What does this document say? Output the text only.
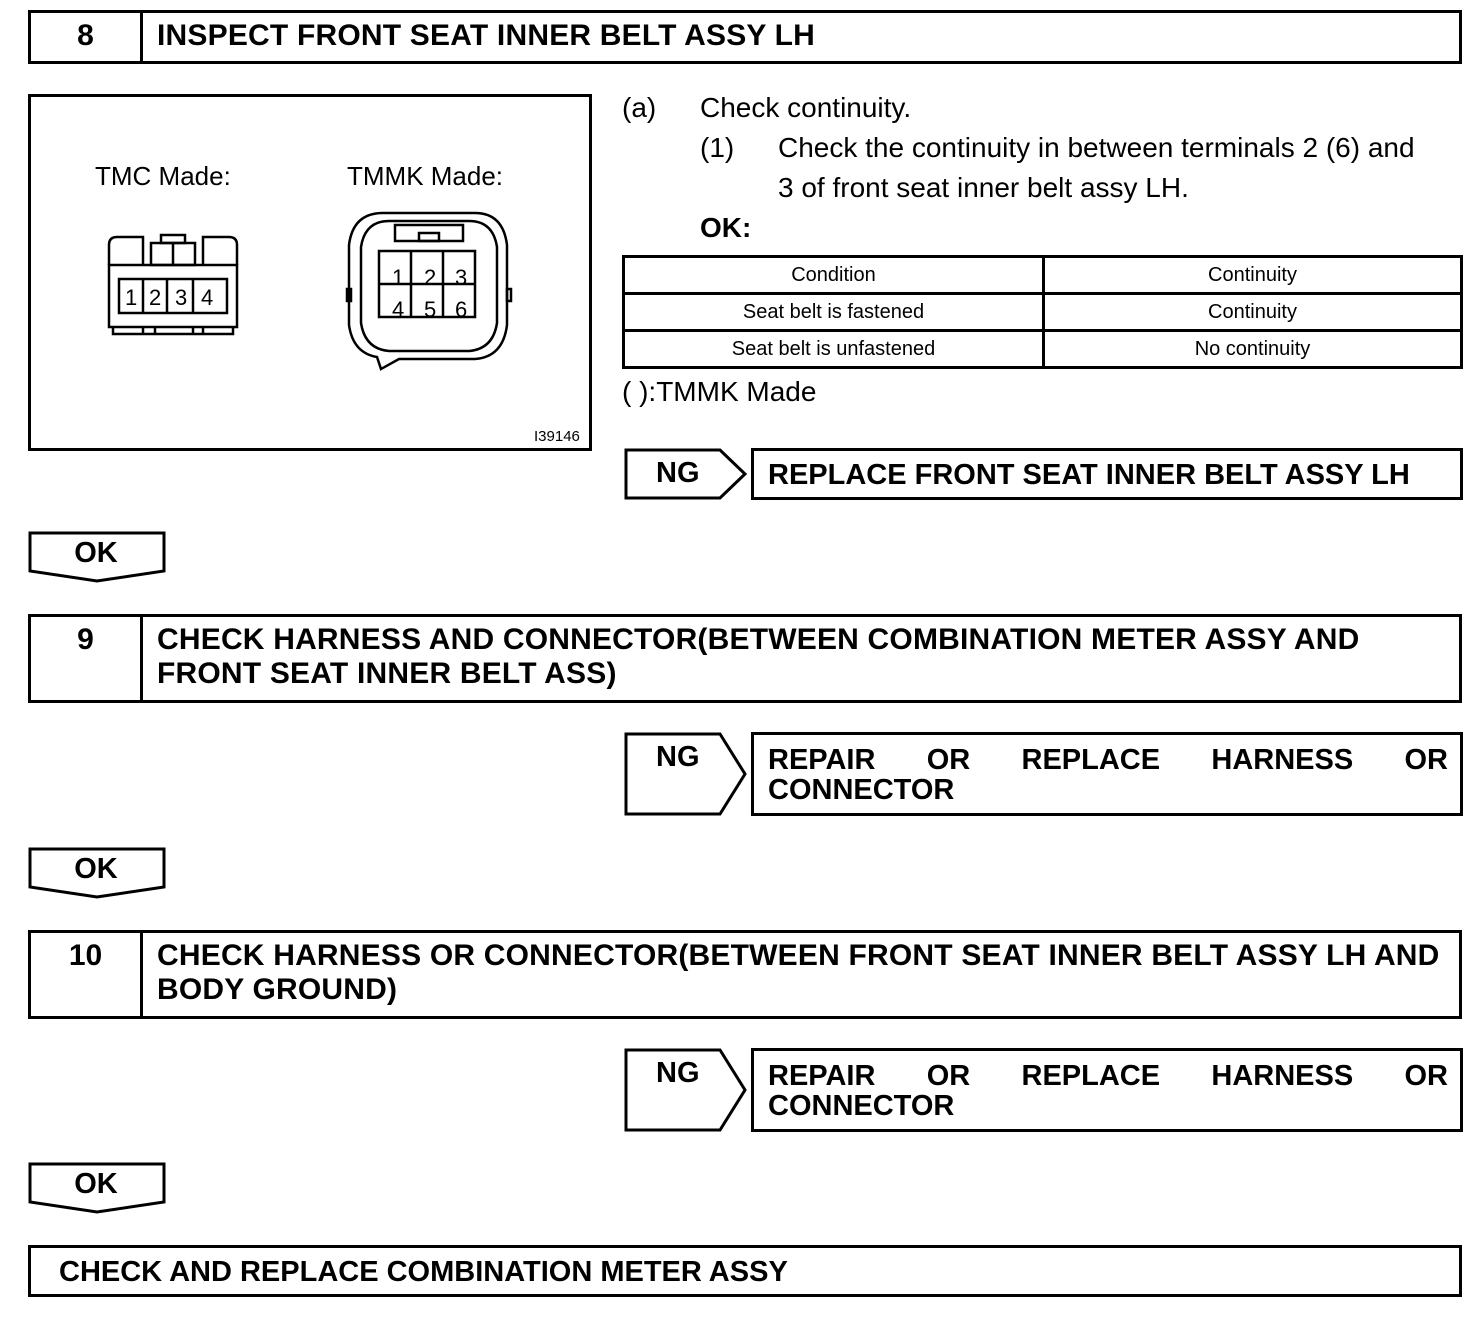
8	INSPECT FRONT SEAT INNER BELT ASSY LH
TMC Made:	TMMK Made:
1 2 3 4
1 2 3
4 5 6
I39146
(a) Check continuity.
(1) Check the continuity in between terminals 2 (6) and
3 of front seat inner belt assy LH.
OK:
Condition	Continuity
Seat belt is fastened	Continuity
Seat belt is unfastened	No continuity
( ):TMMK Made
NG	REPLACE FRONT SEAT INNER BELT ASSY LH
OK
9	CHECK HARNESS AND CONNECTOR(BETWEEN COMBINATION METER ASSY AND FRONT SEAT INNER BELT ASS)
NG REPAIR OR REPLACE HARNESS OR
CONNECTOR
OK
10	CHECK HARNESS OR CONNECTOR(BETWEEN FRONT SEAT INNER BELT ASSY LH AND BODY GROUND)
NG REPAIR OR REPLACE HARNESS OR
CONNECTOR
OK
CHECK AND REPLACE COMBINATION METER ASSY
